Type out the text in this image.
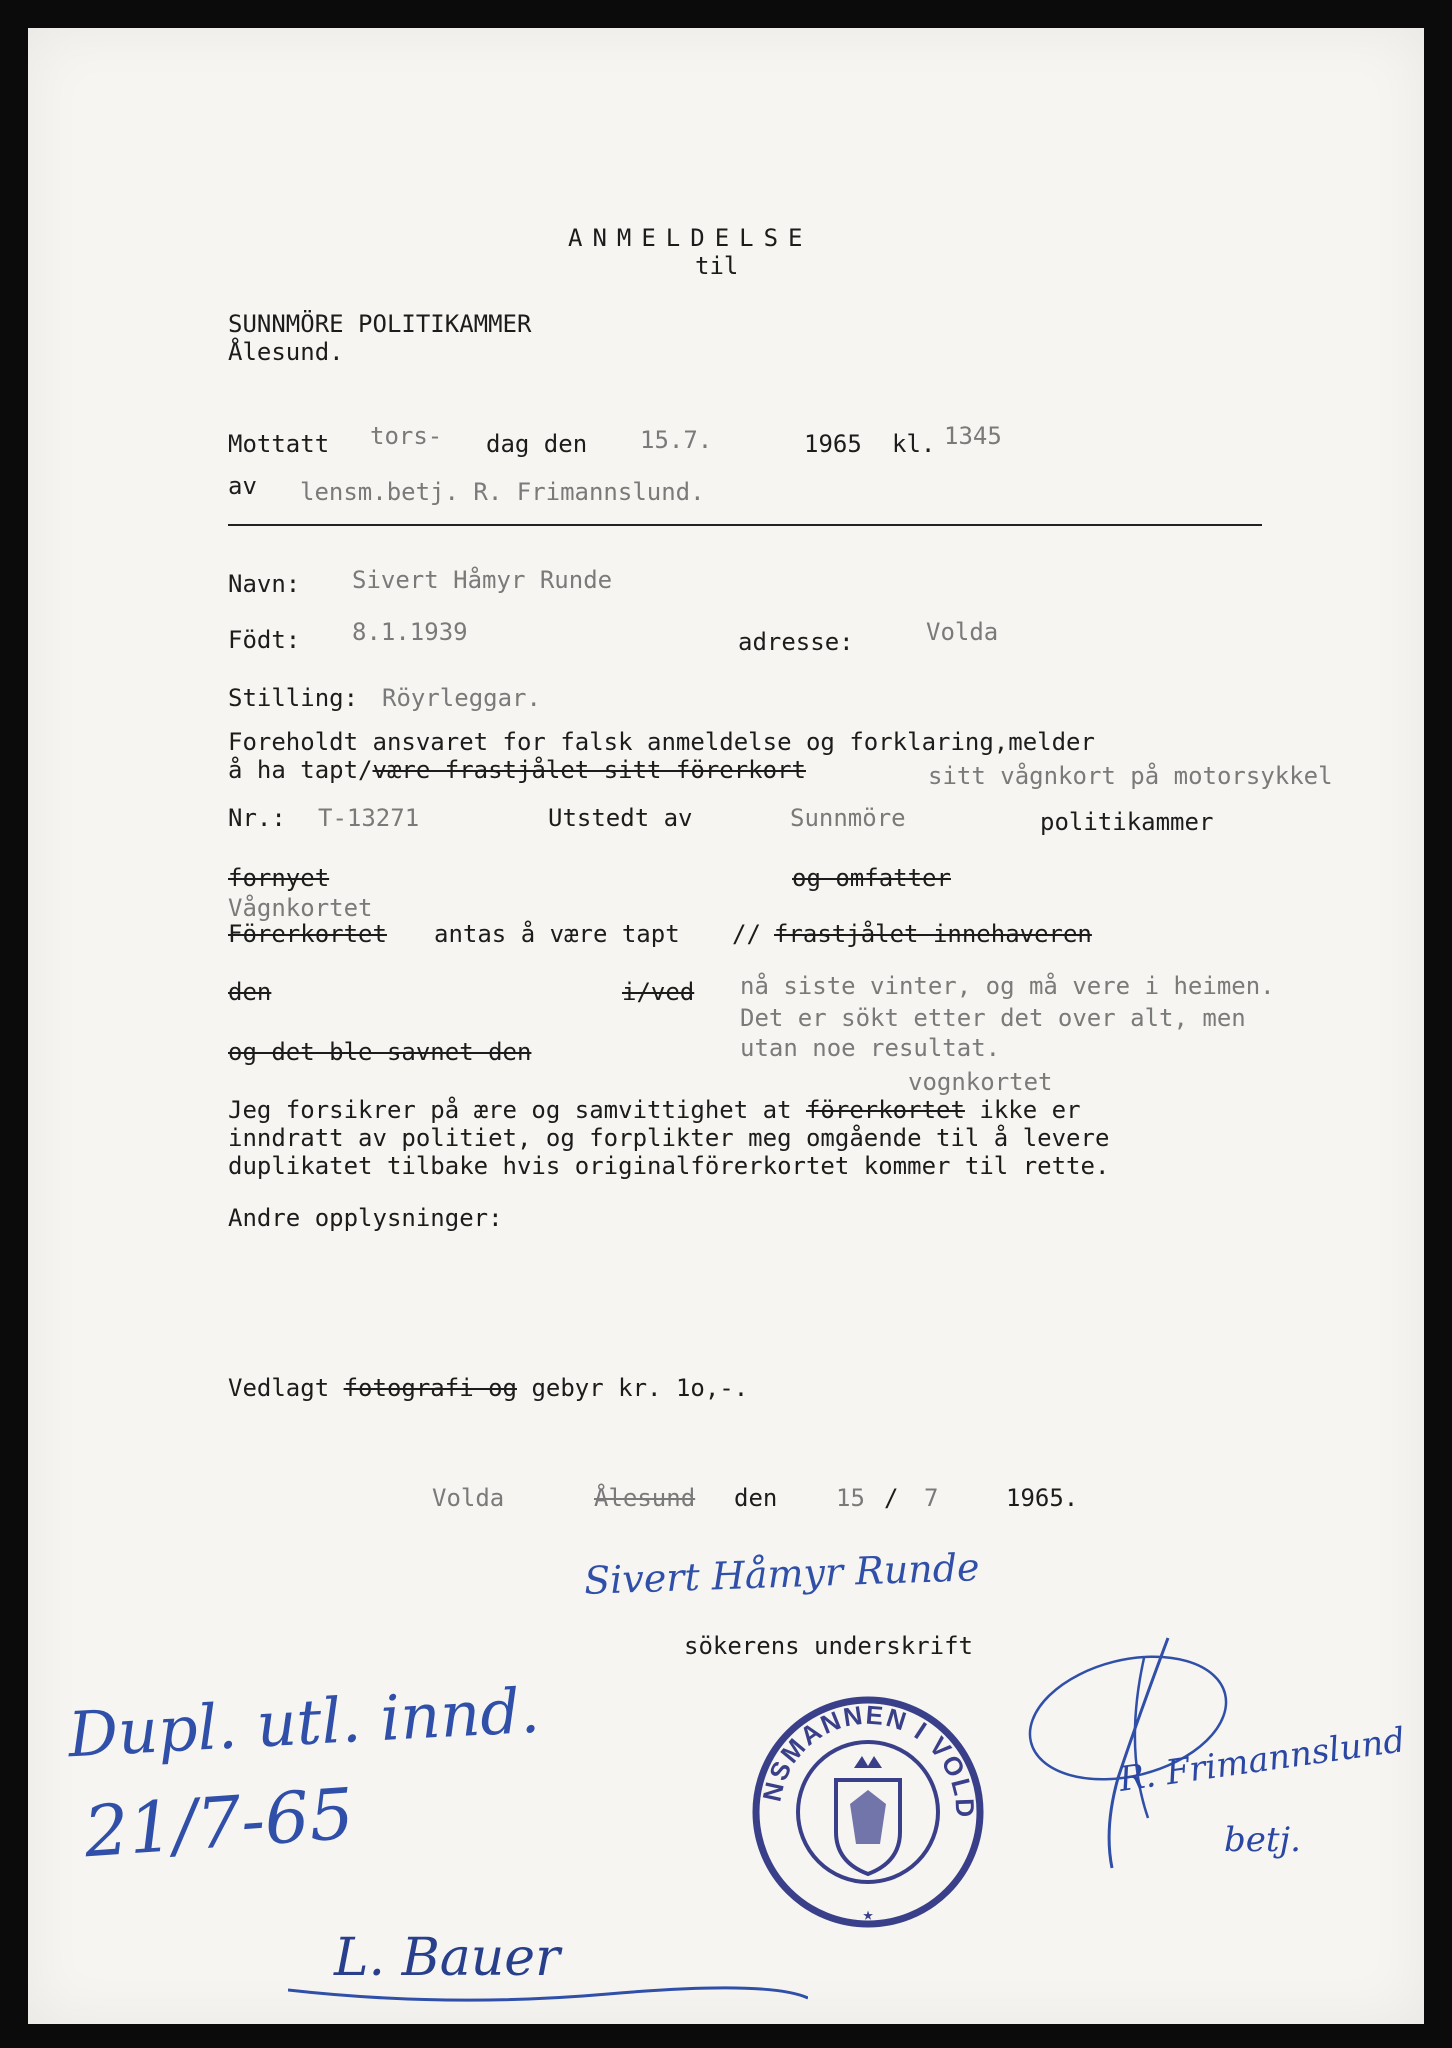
ANMELDELSE
til
SUNNMÖRE POLITIKAMMER
Ålesund.
Mottatt tors- dag den 15.7.	1965 kl. 1345
av lensm.betj. R. Frimannslund.
Navn: Sivert Håmyr Runde
Födt: 8.1.1939	adresse:	Volda
Stilling: Röyrleggar.
Foreholdt ansvaret for falsk anmeldelse og forklaring,melder
å ha tapt/være frastjålet sitt förerkort	sitt vågnkort på motorsykkel
Nr.: T-13271	Utstedt av	Sunnmöre	politikammer
fornyet	og omfatter
Vågnkortet
Förerkortet antas å være tapt // frastjålet innehaveren
den	i/ved nå siste vinter, og må vere i heimen.
Det er sökt etter det over alt, men
og det ble savnet den	utan noe resultat.
vognkortet
Jeg forsikrer på ære og samvittighet at förerkortet ikke er
inndratt av politiet, og forplikter meg omgående til å levere
duplikatet tilbake hvis originalförerkortet kommer til rette.
Andre opplysninger:
Vedlagt fotografi og gebyr kr. 1o,-.
Volda	Ålesund den 15 / 7	1965.
Sivert Håmyr Runde
sökerens underskrift
Dupl. utl. innd.
21/7-65
L. Bauer
★
NSMANNEN I VOLD
R. Frimannslund
betj.
